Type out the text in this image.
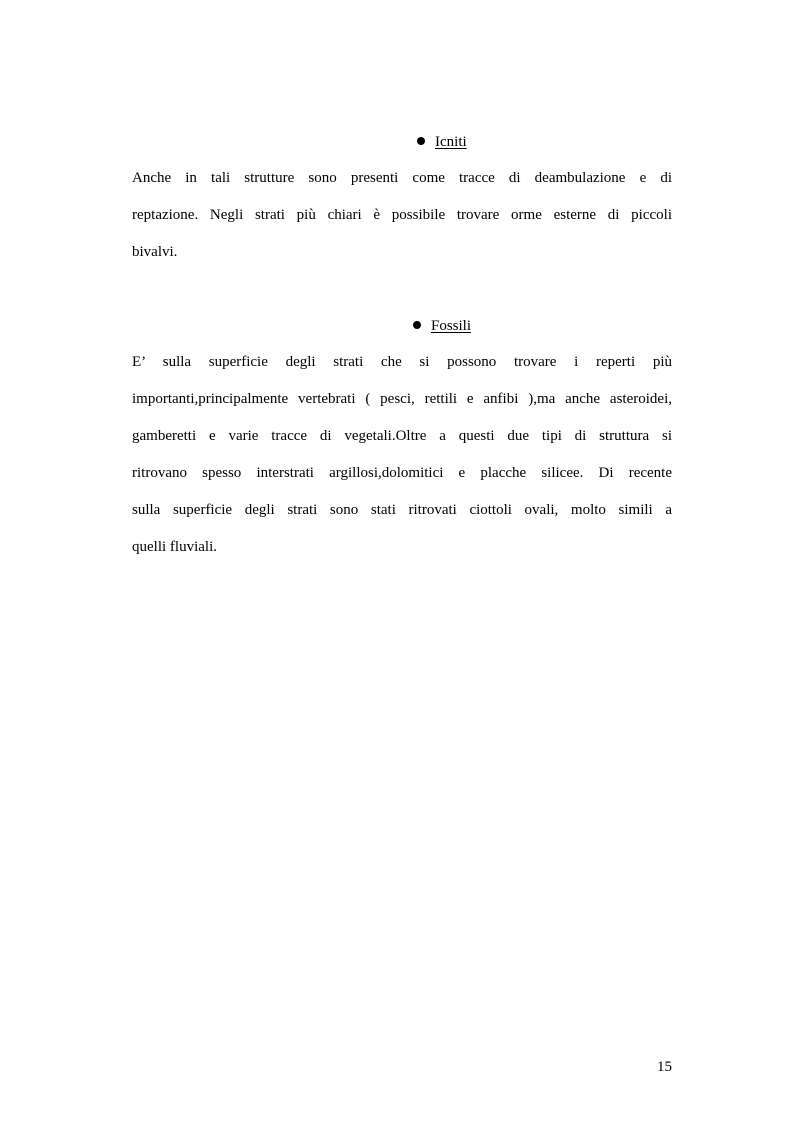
Icniti
Anche in tali strutture sono presenti come tracce di deambulazione e di
reptazione. Negli strati più chiari è possibile trovare orme esterne di piccoli
bivalvi.
Fossili
E’ sulla superficie degli strati che si possono trovare i reperti più
importanti,principalmente vertebrati ( pesci, rettili e anfibi ),ma anche asteroidei,
gamberetti e varie tracce di vegetali.Oltre a questi due tipi di struttura si
ritrovano spesso interstrati argillosi,dolomitici e placche silicee. Di recente
sulla superficie degli strati sono stati ritrovati ciottoli ovali, molto simili a
quelli fluviali.
15
